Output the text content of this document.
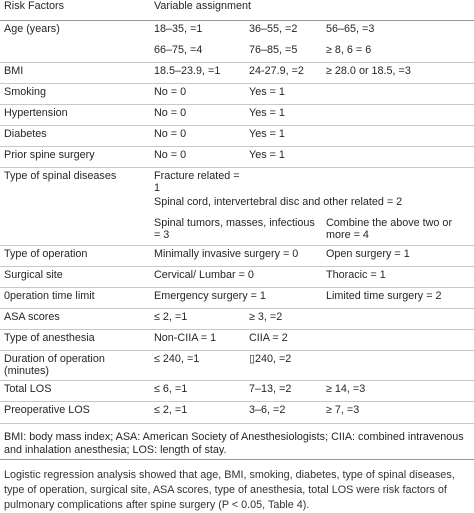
Risk Factors	Variable assignment		
Age (years)	18–35, =1	36–55, =2	56–65, =3
	66–75, =4	76–85, =5	≥ 8, 6 = 6
BMI	18.5–23.9, =1	24-27.9, =2	≥ 28.0 or 18.5, =3
Smoking	No = 0	Yes = 1	
Hypertension	No = 0	Yes = 1	
Diabetes	No = 0	Yes = 1	
Prior spine surgery	No = 0	Yes = 1	
Type of spinal diseases	Fracture related = 1		
	Spinal cord, intervertebral disc and other related = 2		
	Spinal tumors, masses, infectious = 3		Combine the above two or more = 4
Type of operation	Minimally invasive surgery = 0		Open surgery = 1
Surgical site	Cervical/ Lumbar = 0		Thoracic = 1
0peration time limit	Emergency surgery = 1		Limited time surgery = 2
ASA scores	≤ 2, =1	≥ 3, =2	
Type of anesthesia	Non-CIIA = 1	CIIA = 2	
Duration of operation (minutes)	≤ 240, =1	▯240, =2	
Total LOS	≤ 6, =1	7–13, =2	≥ 14, =3
Preoperative LOS	≤ 2, =1	3–6, =2	≥ 7, =3
BMI: body mass index; ASA: American Society of Anesthesiologists; CIIA: combined intravenous and inhalation anesthesia; LOS: length of stay.
Logistic regression analysis showed that age, BMI, smoking, diabetes, type of spinal diseases, type of operation, surgical site, ASA scores, type of anesthesia, total LOS were risk factors of pulmonary complications after spine surgery (P < 0.05, Table 4).
